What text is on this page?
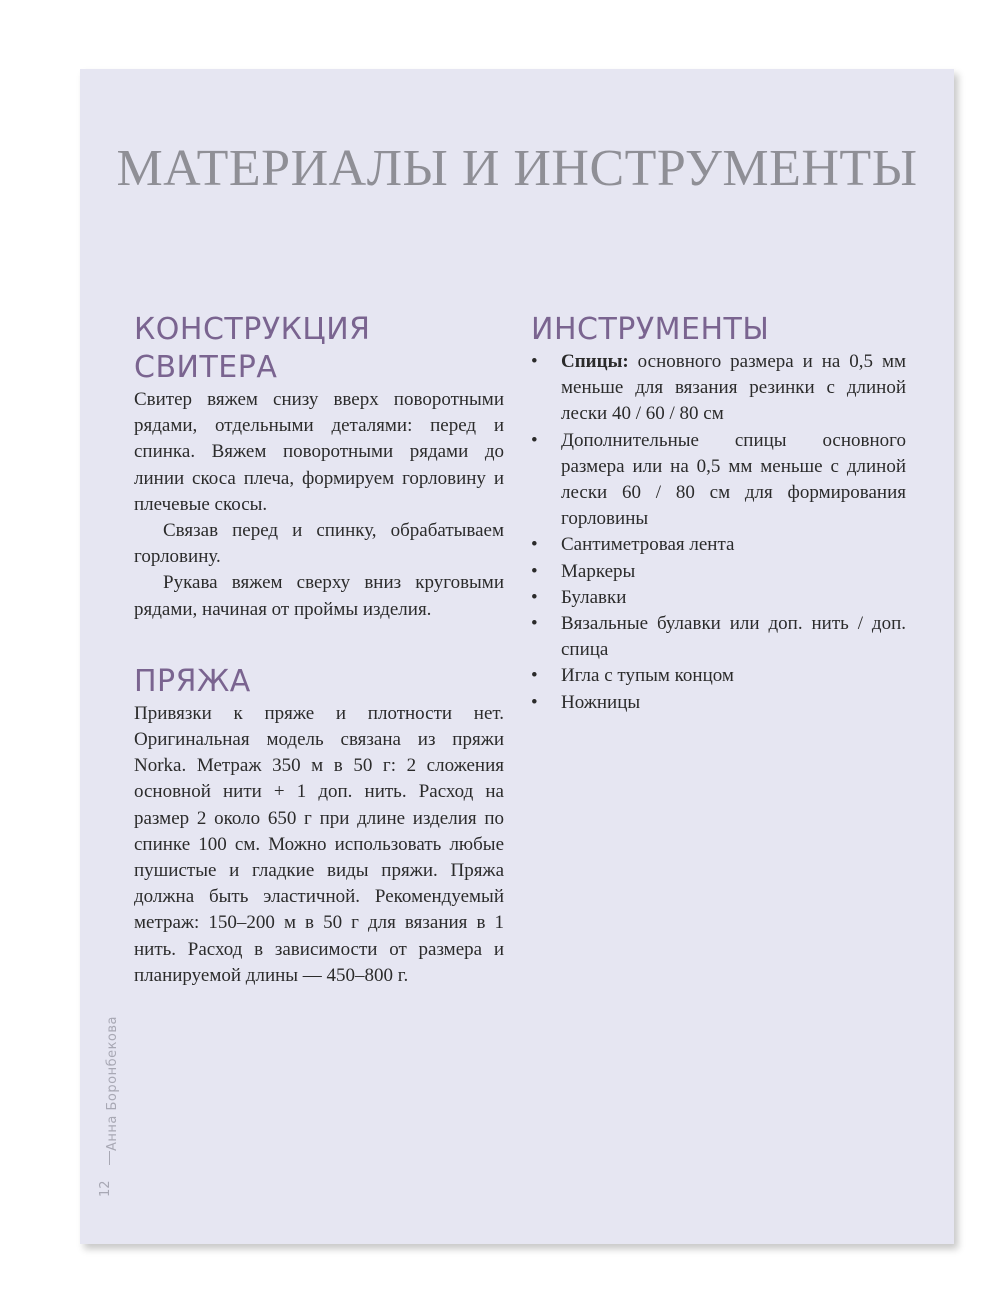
МАТЕРИАЛЫ И ИНСТРУМЕНТЫ
КОНСТРУКЦИЯ СВИТЕРА

Свитер вяжем снизу вверх поворотными рядами, отдельными деталями: перед и спинка. Вяжем поворотными рядами до линии скоса плеча, формируем горловину и плечевые скосы.

Связав перед и спинку, обрабатываем горловину.

Рукава вяжем сверху вниз круговыми рядами, начиная от проймы изделия.

ПРЯЖА

Привязки к пряже и плотности нет. Оригинальная модель связана из пряжи Norka. Метраж 350 м в 50 г: 2 сложения основной нити + 1 доп. нить. Расход на размер 2 около 650 г при длине изделия по спинке 100 см. Можно использовать любые пушистые и гладкие виды пряжи. Пряжа должна быть эластичной. Рекомендуемый метраж: 150–200 м в 50 г для вязания в 1 нить. Расход в зависимости от размера и планируемой длины — 450–800 г.

ИНСТРУМЕНТЫ
• Спицы: основного размера и на 0,5 мм меньше для вязания резинки с длиной лески 40 / 60 / 80 см
• Дополнительные спицы основного размера или на 0,5 мм меньше с длиной лески 60 / 80 см для формирования горловины
• Сантиметровая лента
• Маркеры
• Булавки
• Вязальные булавки или доп. нить / доп. спица
• Игла с тупым концом
• Ножницы
Анна Боронбекова
12
